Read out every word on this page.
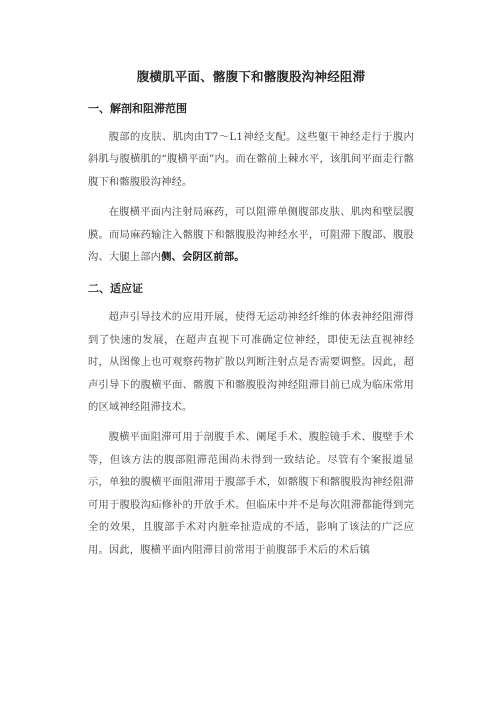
腹横肌平面、髂腹下和髂腹股沟神经阻滞
一、解剖和阻滞范围

腹部的皮肤、肌肉由T7～L1神经支配。这些躯干神经走行于腹内斜肌与腹横肌的“腹横平面”内。而在髂前上棘水平，该肌间平面走行髂腹下和髂腹股沟神经。

在腹横平面内注射局麻药，可以阻滞单侧腹部皮肤、肌肉和壁层腹膜。而局麻药输注入髂腹下和髂腹股沟神经水平，可阻滞下腹部、腹股沟、大腿上部内侧、会阴区前部。

二、适应证

超声引导技术的应用开展，使得无运动神经纤维的体表神经阻滞得到了快速的发展，在超声直视下可准确定位神经，即使无法直视神经时，从图像上也可观察药物扩散以判断注射点是否需要调整。因此，超声引导下的腹横平面、髂腹下和髂腹股沟神经阻滞目前已成为临床常用的区域神经阻滞技术。

腹横平面阻滞可用于剖腹手术、阑尾手术、腹腔镜手术、腹壁手术等，但该方法的腹部阻滞范围尚未得到一致结论。尽管有个案报道显示，单独的腹横平面阻滞用于腹部手术，如髂腹下和髂腹股沟神经阻滞可用于腹股沟疝修补的开放手术。但临床中并不是每次阻滞都能得到完全的效果，且腹部手术对内脏牵扯造成的不适，影响了该法的广泛应用。因此，腹横平面内阻滞目前常用于前腹部手术后的术后镇
